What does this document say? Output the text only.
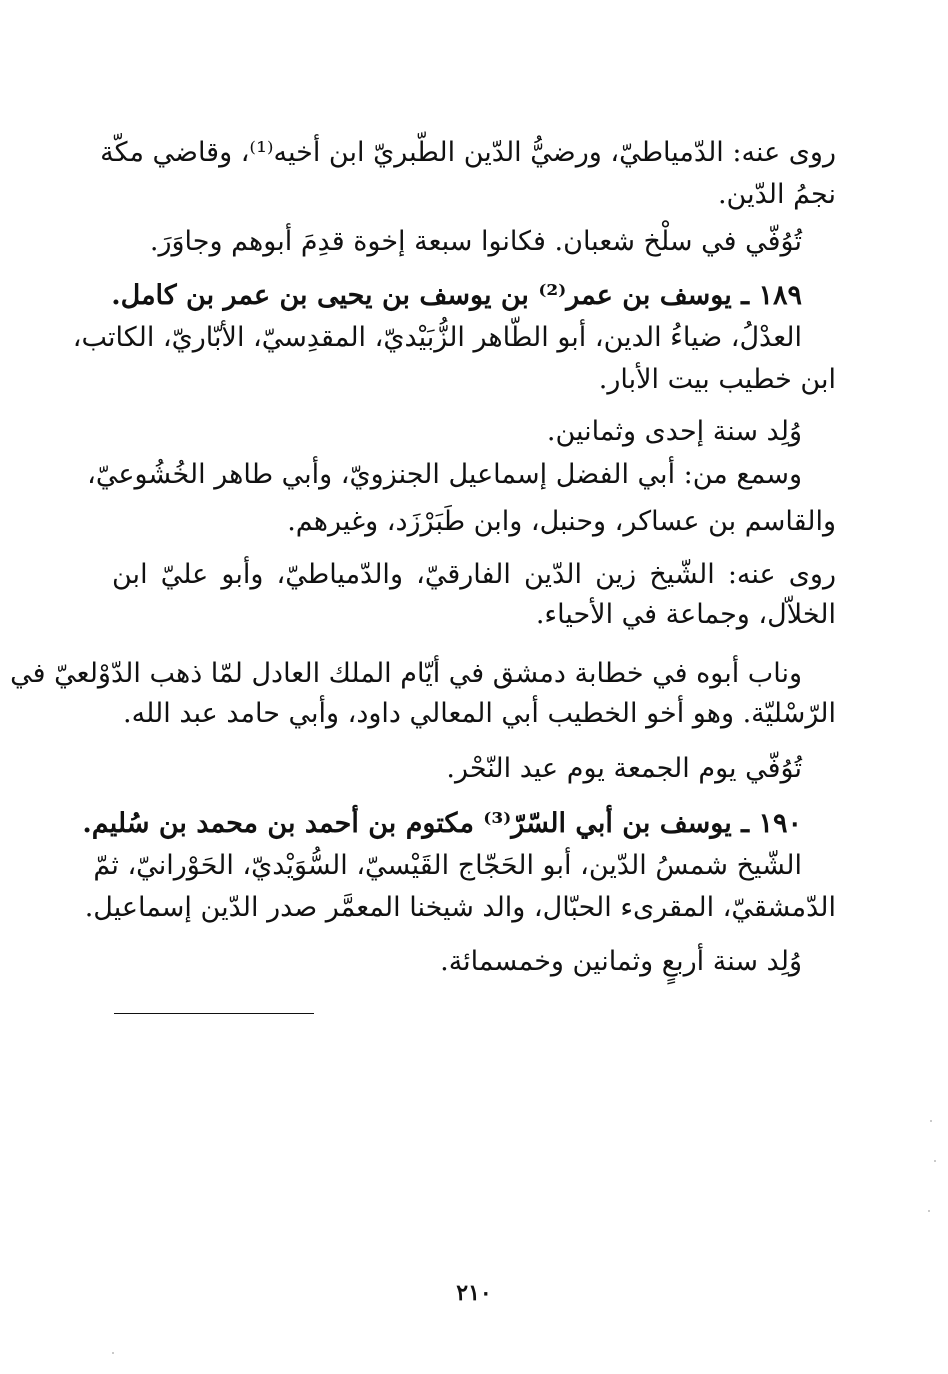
روى عنه: الدّمياطيّ، ورضيُّ الدّين الطّبريّ ابن أخيه⁽¹⁾، وقاضي مكّة
نجمُ الدّين.
تُوُفّي في سلْخ شعبان. فكانوا سبعة إخوة قدِمَ أبوهم وجاوَرَ.
١٨٩ ـ يوسف بن عمر⁽²⁾ بن يوسف بن يحيى بن عمر بن كامل.
العدْلُ، ضياءُ الدين، أبو الطّاهر الزُّبَيْديّ، المقدِسيّ، الأبّاريّ، الكاتب،
ابن خطيب بيت الأبار.
وُلِد سنة إحدى وثمانين.
وسمع من: أبي الفضل إسماعيل الجنزويّ، وأبي طاهر الخُشُوعيّ،
والقاسم بن عساكر، وحنبل، وابن طَبَرْزَد، وغيرهم.
روى عنه: الشّيخ زين الدّين الفارقيّ، والدّمياطيّ، وأبو عليّ ابن
الخلاّل، وجماعة في الأحياء.
وناب أبوه في خطابة دمشق في أيّام الملك العادل لمّا ذهب الدّوْلعيّ في
الرّسْليّة. وهو أخو الخطيب أبي المعالي داود، وأبي حامد عبد الله.
تُوُفّي يوم الجمعة يوم عيد النّحْر.
١٩٠ ـ يوسف بن أبي السّرّ⁽³⁾ مكتوم بن أحمد بن محمد بن سُليم.
الشّيخ شمسُ الدّين، أبو الحَجّاج القَيْسيّ، السُّوَيْديّ، الحَوْرانيّ، ثمّ
الدّمشقيّ، المقرىء الحبّال، والد شيخنا المعمَّر صدر الدّين إسماعيل.
وُلِد سنة أربعٍ وثمانين وخمسمائة.
٢١٠
